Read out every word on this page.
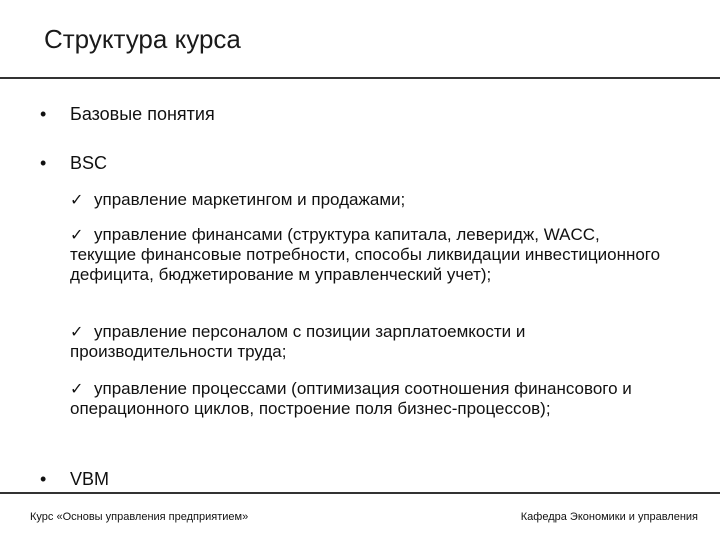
Структура курса
• Базовые понятия
• BSC
✓ управление маркетингом и продажами;
✓ управление финансами (структура капитала, леверидж, WACC, текущие финансовые потребности, способы ликвидации инвестиционного дефицита, бюджетирование м управленческий учет);
✓ управление персоналом с позиции зарплатоемкости и производительности труда;
✓ управление процессами (оптимизация соотношения финансового и операционного циклов, построение поля бизнес-процессов);
• VBM
Курс «Основы управления предприятием»	Кафедра Экономики и управления
